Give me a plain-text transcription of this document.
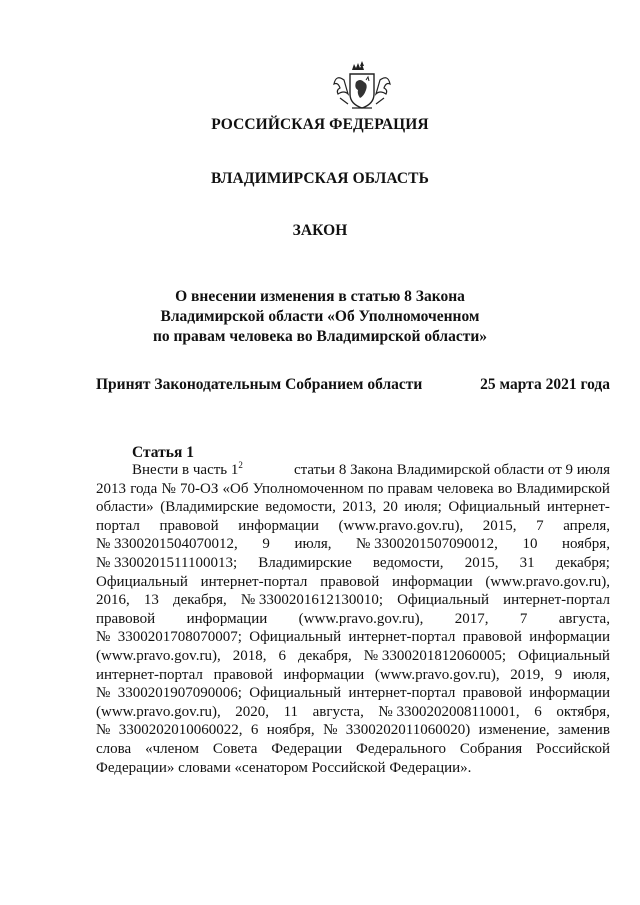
РОССИЙСКАЯ ФЕДЕРАЦИЯ
ВЛАДИМИРСКАЯ ОБЛАСТЬ
ЗАКОН
О внесении изменения в статью 8 Закона
Владимирской области «Об Уполномоченном
по правам человека во Владимирской области»
Принят Законодательным Собранием области	25 марта 2021 года
Статья 1
Внести в часть $1^2$	статьи 8 Закона Владимирской области от 9 июля
2013 года № 70-ОЗ «Об Уполномоченном по правам человека во Владимирской
области» (Владимирские ведомости, 2013, 20 июля; Официальный интернет-
портал правовой информации (www.pravo.gov.ru), 2015, 7 апреля,
№ 3300201504070012, 9 июля, № 3300201507090012, 10 ноября,
№ 3300201511100013; Владимирские ведомости, 2015, 31 декабря;
Официальный интернет-портал правовой информации (www.pravo.gov.ru),
2016, 13 декабря, № 3300201612130010; Официальный интернет-портал
правовой информации (www.pravo.gov.ru), 2017, 7 августа,
№ 3300201708070007; Официальный интернет-портал правовой информации
(www.pravo.gov.ru), 2018, 6 декабря, № 3300201812060005; Официальный
интернет-портал правовой информации (www.pravo.gov.ru), 2019, 9 июля,
№ 3300201907090006; Официальный интернет-портал правовой информации
(www.pravo.gov.ru), 2020, 11 августа, № 3300202008110001, 6 октября,
№ 3300202010060022, 6 ноября, № 3300202011060020) изменение, заменив
слова «членом Совета Федерации Федерального Собрания Российской
Федерации» словами «сенатором Российской Федерации».
